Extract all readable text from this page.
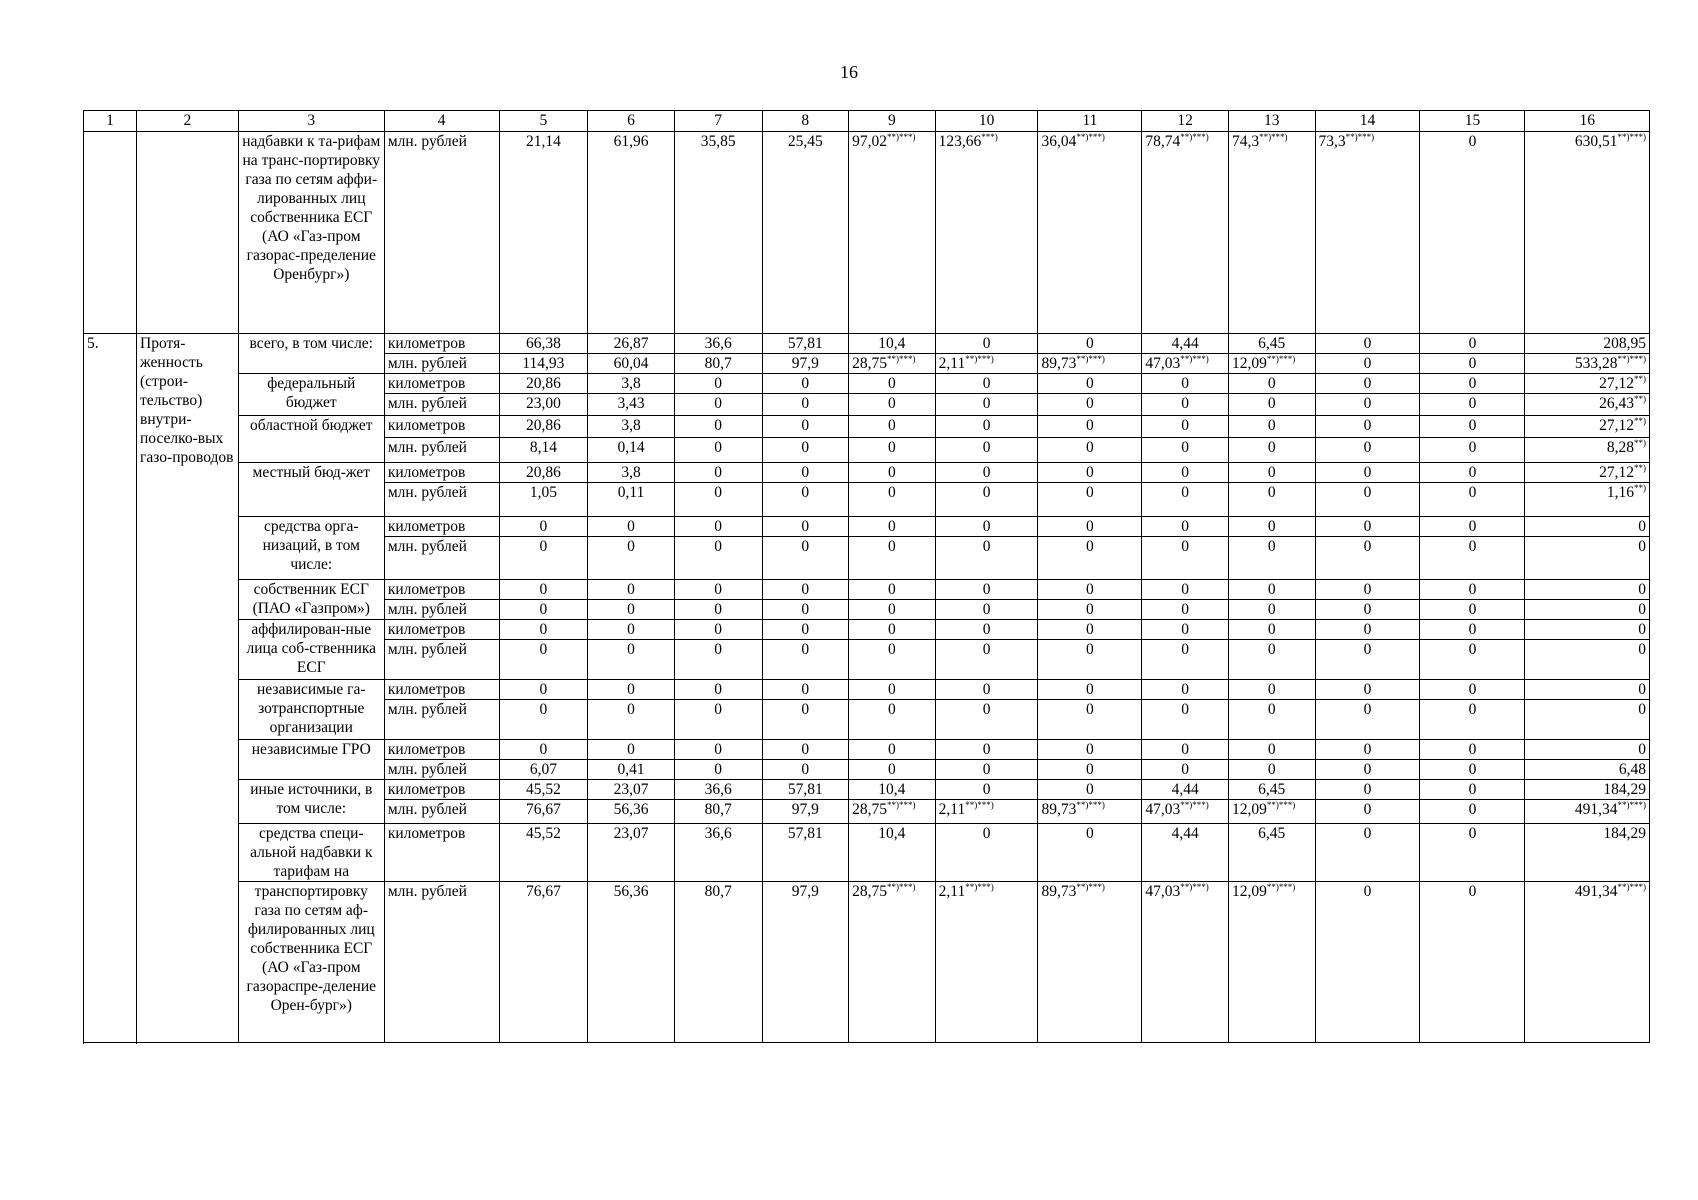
16
1	2	3	4	5	6	7	8	9	10	11	12	13	14	15	16
		надбавки к та-рифам на транс-портировку газа по сетям аффи-лированных лиц собственника ЕСГ (АО «Газ-пром газорас-пределение Оренбург»)	млн. рублей	21,14	61,96	35,85	25,45	97,02**)***)	123,66***)	36,04**)***)	78,74**)***)	74,3**)***)	73,3**)***)	0	630,51**)***)
5.	Протя-женность (строи-тельство) внутри-поселко-вых газо-проводов	всего, в том числе:	километров	66,38	26,87	36,6	57,81	10,4	0	0	4,44	6,45	0	0	208,95
			млн. рублей	114,93	60,04	80,7	97,9	28,75**)***)	2,11**)***)	89,73**)***)	47,03**)***)	12,09**)***)	0	0	533,28**)***)
		федеральный бюджет	километров	20,86	3,8	0	0	0	0	0	0	0	0	0	27,12**)
			млн. рублей	23,00	3,43	0	0	0	0	0	0	0	0	0	26,43**)
		областной бюджет	километров	20,86	3,8	0	0	0	0	0	0	0	0	0	27,12**)
			млн. рублей	8,14	0,14	0	0	0	0	0	0	0	0	0	8,28**)
		местный бюд-жет	километров	20,86	3,8	0	0	0	0	0	0	0	0	0	27,12**)
			млн. рублей	1,05	0,11	0	0	0	0	0	0	0	0	0	1,16**)
		средства орга-низаций, в том числе:	километров	0	0	0	0	0	0	0	0	0	0	0	0
			млн. рублей	0	0	0	0	0	0	0	0	0	0	0	0
		собственник ЕСГ (ПАО «Газпром»)	километров	0	0	0	0	0	0	0	0	0	0	0	0
			млн. рублей	0	0	0	0	0	0	0	0	0	0	0	0
		аффилирован-ные лица соб-ственника ЕСГ	километров	0	0	0	0	0	0	0	0	0	0	0	0
			млн. рублей	0	0	0	0	0	0	0	0	0	0	0	0
		независимые га-зотранспортные организации	километров	0	0	0	0	0	0	0	0	0	0	0	0
			млн. рублей	0	0	0	0	0	0	0	0	0	0	0	0
		независимые ГРО	километров	0	0	0	0	0	0	0	0	0	0	0	0
			млн. рублей	6,07	0,41	0	0	0	0	0	0	0	0	0	6,48
		иные источники, в том числе:	километров	45,52	23,07	36,6	57,81	10,4	0	0	4,44	6,45	0	0	184,29
			млн. рублей	76,67	56,36	80,7	97,9	28,75**)***)	2,11**)***)	89,73**)***)	47,03**)***)	12,09**)***)	0	0	491,34**)***)
		средства специ-альной надбавки к тарифам на	километров	45,52	23,07	36,6	57,81	10,4	0	0	4,44	6,45	0	0	184,29
		транспортировку газа по сетям аф-филированных лиц собственника ЕСГ (АО «Газ-пром газораспре-деление Орен-бург»)	млн. рублей	76,67	56,36	80,7	97,9	28,75**)***)	2,11**)***)	89,73**)***)	47,03**)***)	12,09**)***)	0	0	491,34**)***)
